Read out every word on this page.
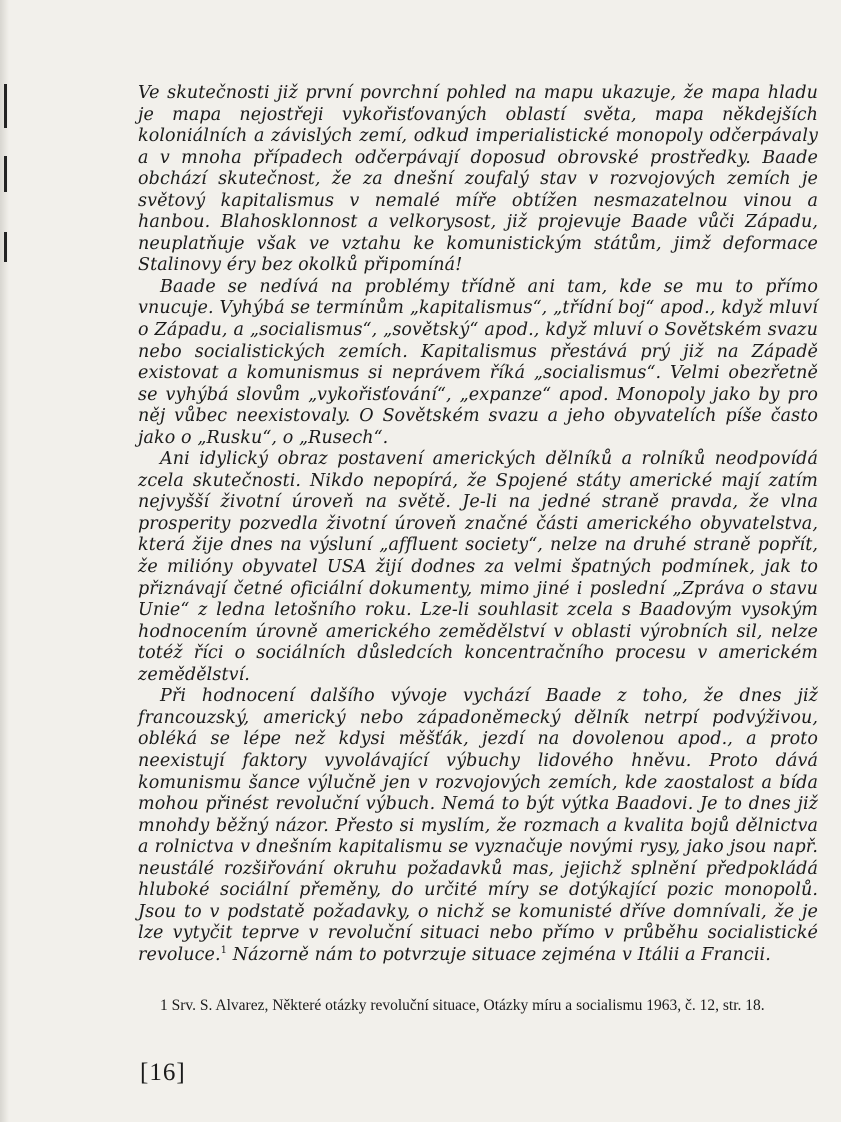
Ve skutečnosti již první povrchní pohled na mapu ukazuje, že mapa hladu je mapa nejostřeji vykořisťovaných oblastí světa, mapa někdejších koloniálních a závislých zemí, odkud imperialistické monopoly odčerpávaly a v mnoha případech odčerpávají doposud obrovské prostředky. Baade obchází skutečnost, že za dnešní zoufalý stav v rozvojových zemích je světový kapitalismus v nemalé míře obtížen nesmazatelnou vinou a hanbou. Blahosklonnost a velkorysost, již projevuje Baade vůči Západu, neuplatňuje však ve vztahu ke komunistickým státům, jimž deformace Stalinovy éry bez okolků připomíná!

Baade se nedívá na problémy třídně ani tam, kde se mu to přímo vnucuje. Vyhýbá se termínům „kapitalismus“, „třídní boj“ apod., když mluví o Západu, a „socialismus“, „sovětský“ apod., když mluví o Sovětském svazu nebo socialistických zemích. Kapitalismus přestává prý již na Západě existovat a komunismus si neprávem říká „socialismus“. Velmi obezřetně se vyhýbá slovům „vykořisťování“, „expanze“ apod. Monopoly jako by pro něj vůbec neexistovaly. O Sovětském svazu a jeho obyvatelích píše často jako o „Rusku“, o „Rusech“.

Ani idylický obraz postavení amerických dělníků a rolníků neodpovídá zcela skutečnosti. Nikdo nepopírá, že Spojené státy americké mají zatím nejvyšší životní úroveň na světě. Je-li na jedné straně pravda, že vlna prosperity pozvedla životní úroveň značné části amerického obyvatelstva, která žije dnes na výsluní „affluent society“, nelze na druhé straně popřít, že milióny obyvatel USA žijí dodnes za velmi špatných podmínek, jak to přiznávají četné oficiální dokumenty, mimo jiné i poslední „Zpráva o stavu Unie“ z ledna letošního roku. Lze-li souhlasit zcela s Baadovým vysokým hodnocením úrovně amerického zemědělství v oblasti výrobních sil, nelze totéž říci o sociálních důsledcích koncentračního procesu v americkém zemědělství.

Při hodnocení dalšího vývoje vychází Baade z toho, že dnes již francouzský, americký nebo západoněmecký dělník netrpí podvýživou, obléká se lépe než kdysi měšťák, jezdí na dovolenou apod., a proto neexistují faktory vyvolávající výbuchy lidového hněvu. Proto dává komunismu šance výlučně jen v rozvojových zemích, kde zaostalost a bída mohou přinést revoluční výbuch. Nemá to být výtka Baadovi. Je to dnes již mnohdy běžný názor. Přesto si myslím, že rozmach a kvalita bojů dělnictva a rolnictva v dnešním kapitalismu se vyznačuje novými rysy, jako jsou např. neustálé rozšiřování okruhu požadavků mas, jejichž splnění předpokládá hluboké sociální přeměny, do určité míry se dotýkající pozic monopolů. Jsou to v podstatě požadavky, o nichž se komunisté dříve domnívali, že je lze vytyčit teprve v revoluční situaci nebo přímo v průběhu socialistické revoluce.$^1$ Názorně nám to potvrzuje situace zejména v Itálii a Francii.

1 Srv. S. Alvarez, Některé otázky revoluční situace, Otázky míru a socialismu 1963, č. 12, str. 18.
[16]
